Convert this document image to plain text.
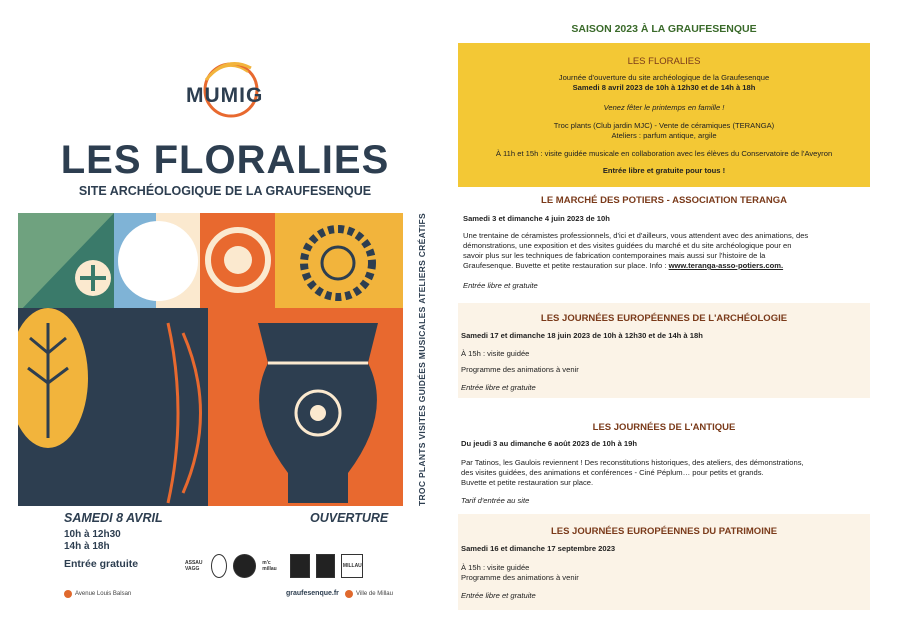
MUMIG
LES FLORALIES
SITE ARCHÉOLOGIQUE DE LA GRAUFESENQUE
TROC PLANTS
VISITES GUIDÉES MUSICALES
ATELIERS CRÉATIFS
SAMEDI 8 AVRIL	OUVERTURE
10h à 12h30
14h à 18h
Entrée gratuite	ASSAU VAGG
m'c millau	MILLAU
Avenue Louis Balsan	graufesenque.fr	Ville de Millau
SAISON 2023 À LA GRAUFESENQUE
LES FLORALIES
Journée d'ouverture du site archéologique de la Graufesenque
Samedi 8 avril 2023 de 10h à 12h30 et de 14h à 18h
Venez fêter le printemps en famille !
Troc plants (Club jardin MJC) - Vente de céramiques (TERANGA)
Ateliers : parfum antique, argile
À 11h et 15h : visite guidée musicale en collaboration avec les élèves du Conservatoire de l'Aveyron
Entrée libre et gratuite pour tous !
LE MARCHÉ DES POTIERS - ASSOCIATION TERANGA
Samedi 3 et dimanche 4 juin 2023 de 10h
Une trentaine de céramistes professionnels, d'ici et d'ailleurs, vous attendent avec des animations, des
démonstrations, une exposition et des visites guidées du marché et du site archéologique pour en
savoir plus sur les techniques de fabrication contemporaines mais aussi sur l'histoire de la
Graufesenque. Buvette et petite restauration sur place. Info : www.teranga-asso-potiers.com.
Entrée libre et gratuite
LES JOURNÉES EUROPÉENNES DE L'ARCHÉOLOGIE
Samedi 17 et dimanche 18 juin 2023 de 10h à 12h30 et de 14h à 18h
À 15h : visite guidée
Programme des animations à venir
Entrée libre et gratuite
LES JOURNÉES DE L'ANTIQUE
Du jeudi 3 au dimanche 6 août 2023 de 10h à 19h
Par Tatinos, les Gaulois reviennent ! Des reconstitutions historiques, des ateliers, des démonstrations,
des visites guidées, des animations et conférences - Ciné Péplum… pour petits et grands.
Buvette et petite restauration sur place.
Tarif d'entrée au site
LES JOURNÉES EUROPÉENNES DU PATRIMOINE
Samedi 16 et dimanche 17 septembre 2023
À 15h : visite guidée
Programme des animations à venir
Entrée libre et gratuite
